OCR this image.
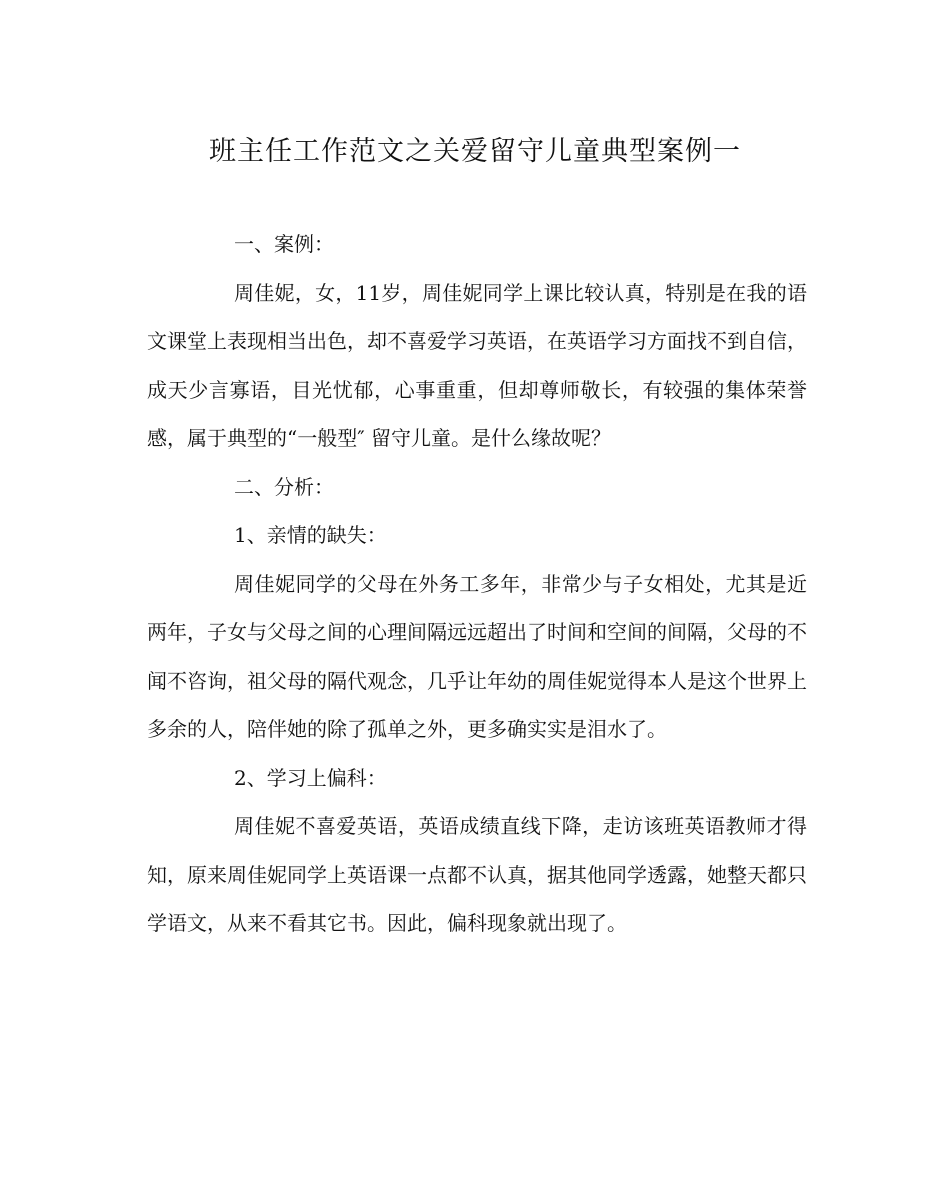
班主任工作范文之关爱留守儿童典型案例一

一、案例：

周佳妮，女，11岁，周佳妮同学上课比较认真，特别是在我的语文课堂上表现相当出色，却不喜爱学习英语，在英语学习方面找不到自信，成天少言寡语，目光忧郁，心事重重，但却尊师敬长，有较强的集体荣誉感，属于典型的“一般型″ 留守儿童。是什么缘故呢？

二、分析：

1、亲情的缺失：

周佳妮同学的父母在外务工多年，非常少与子女相处，尤其是近两年，子女与父母之间的心理间隔远远超出了时间和空间的间隔，父母的不闻不咨询，祖父母的隔代观念，几乎让年幼的周佳妮觉得本人是这个世界上多余的人，陪伴她的除了孤单之外，更多确实实是泪水了。

2、学习上偏科：

周佳妮不喜爱英语，英语成绩直线下降，走访该班英语教师才得知，原来周佳妮同学上英语课一点都不认真，据其他同学透露，她整天都只学语文，从来不看其它书。因此，偏科现象就出现了。
